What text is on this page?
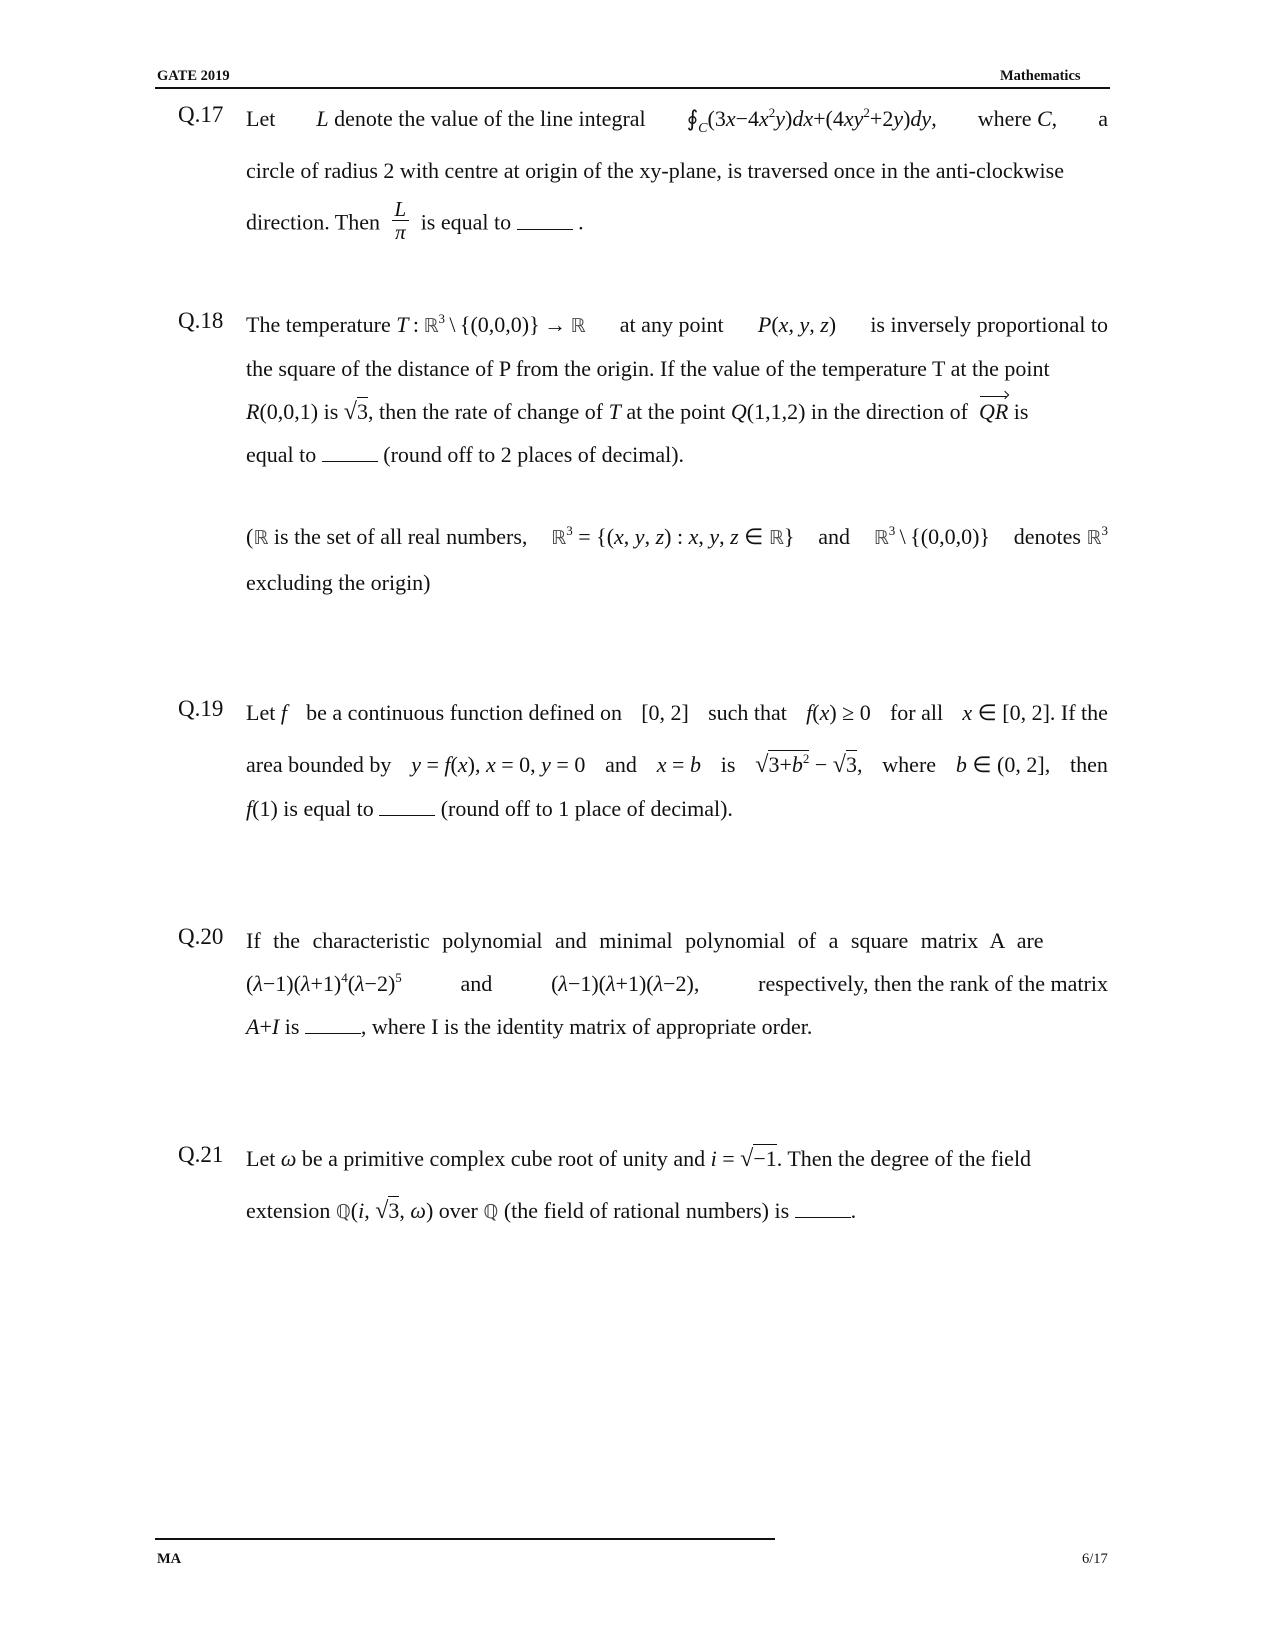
GATE 2019	Mathematics
Q.17 Let L denote the value of the line integral $∮_C(3x-4x^2y)dx+(4xy^2+2y)dy$, where C, a
circle of radius 2 with centre at origin of the xy-plane, is traversed once in the anti-clockwise
direction. Then $\frac{L}{\pi}$ is equal to	.
Q.18 The temperature T : ℝ$^3$ \ {(0,0,0)} → ℝ at any point P(x, y, z) is inversely proportional to
the square of the distance of P from the origin. If the value of the temperature T at the point
R(0,0,1) is √3, then the rate of change of T at the point Q(1,1,2) in the direction of QR is
equal to	(round off to 2 places of decimal).
(ℝ is the set of all real numbers, ℝ$^3$ = {(x, y, z) : x, y, z ∈ ℝ} and ℝ$^3$ \ {(0,0,0)} denotes ℝ$^3$
excluding the origin)
Q.19 Let f be a continuous function defined on [0, 2] such that f(x) ≥ 0 for all x ∈ [0, 2]. If the
area bounded by y = f(x), x = 0, y = 0 and x = b is $√3+b^2 - √3$, where b ∈ (0, 2], then
f(1) is equal to	(round off to 1 place of decimal).
Q.20 If the characteristic polynomial and minimal polynomial of a square matrix A are
$(\lambda-1)(\lambda+1)^4(\lambda-2)^5$	and	(λ−1)(λ+1)(λ−2),	respectively, then the rank of the matrix
A+I is	, where I is the identity matrix of appropriate order.
Q.21 Let ω be a primitive complex cube root of unity and i = √−1. Then the degree of the field
extension ℚ(i, √3, ω) over ℚ (the field of rational numbers) is	.
MA	6/17
